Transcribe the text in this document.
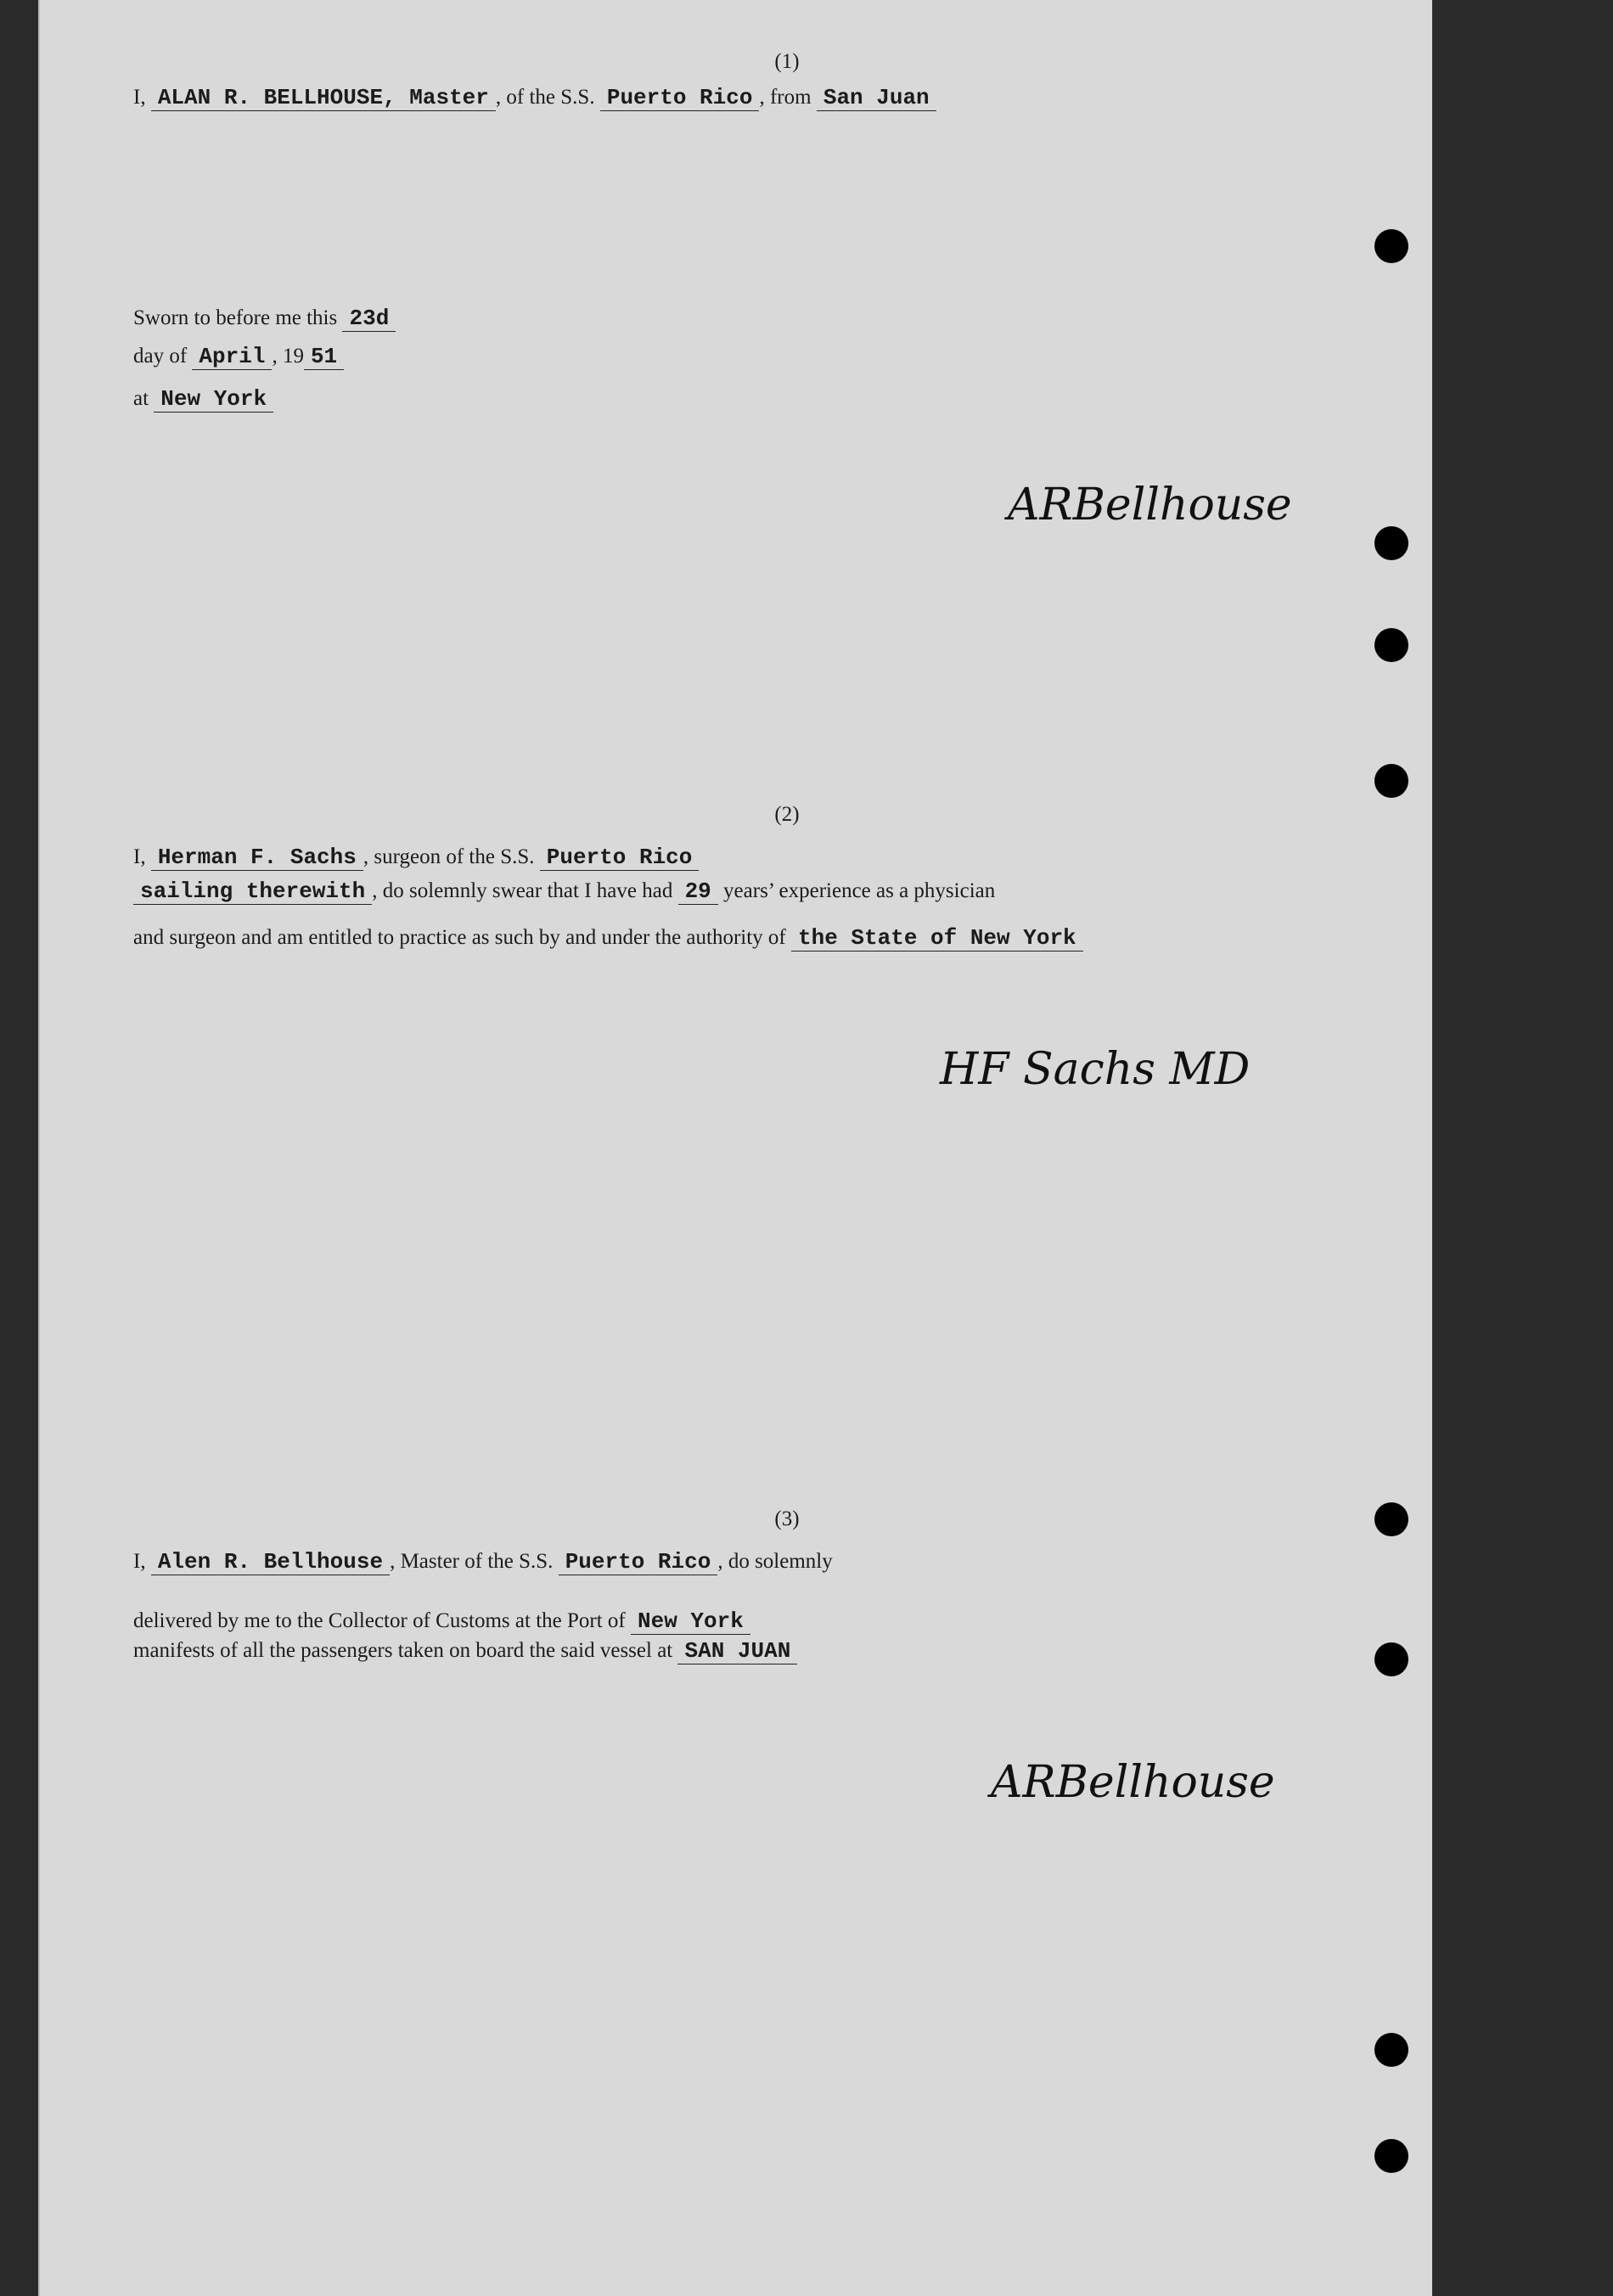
(1)
I, ALAN R. BELLHOUSE, Master , of the S.S. Puerto Rico , from San Juan
Sworn to before me this 23d
day of April , 19 51
at New York
ARBellhouse
(2)
I, Herman F. Sachs , surgeon of the S.S. Puerto Rico
sailing therewith , do solemnly swear that I have had 29 years’ experience as a physician
and surgeon and am entitled to practice as such by and under the authority of the State of New York
HF Sachs MD
(3)
I, Alen R. Bellhouse , Master of the S.S. Puerto Rico , do solemnly
delivered by me to the Collector of Customs at the Port of New York
manifests of all the passengers taken on board the said vessel at SAN JUAN
ARBellhouse
